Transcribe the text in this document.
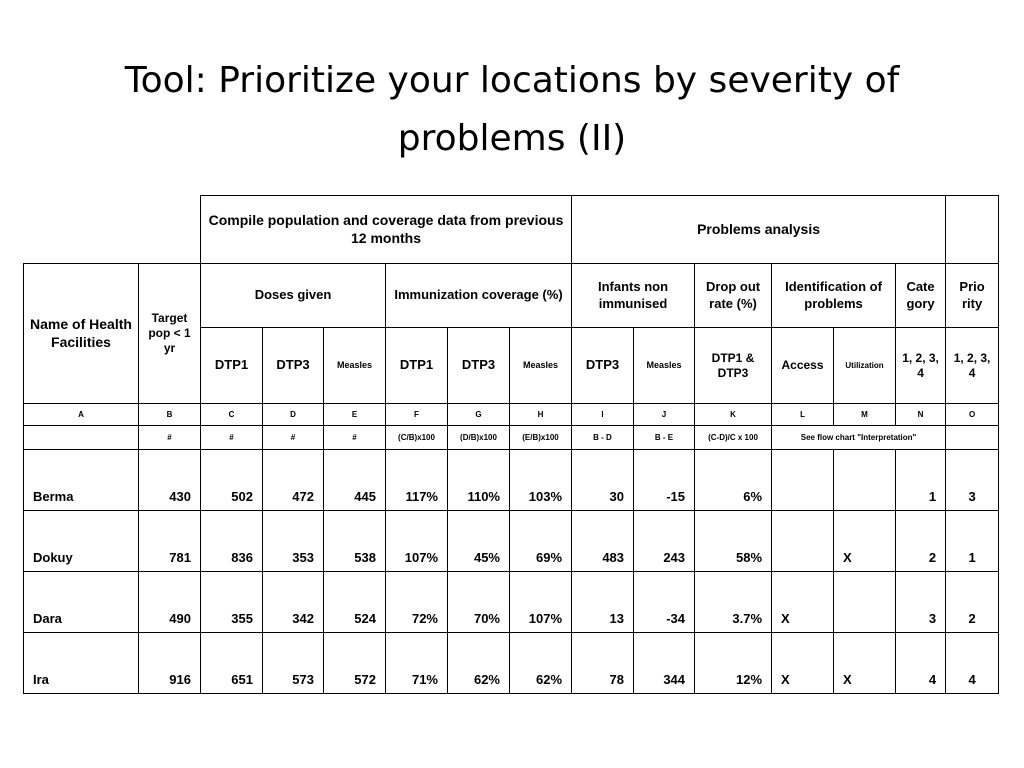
Tool: Prioritize your locations by severity of
problems (II)
		Compile population and coverage data from previous 12 months						Problems analysis						
Name of Health Facilities	Target pop < 1 yr	Doses given			Immunization coverage (%)			Infants non immunised		Drop out rate (%)	Identification of problems		Cate gory	Prio rity
		DTP1	DTP3	Measles	DTP1	DTP3	Measles	DTP3	Measles	DTP1 & DTP3	Access	Utilization	1, 2, 3, 4	1, 2, 3, 4
A	B	C	D	E	F	G	H	I	J	K	L	M	N	O
	#	#	#	#	(C/B)x100	(D/B)x100	(E/B)x100	B - D	B - E	(C-D)/C x 100	See flow chart "Interpretation"			
Berma	430	502	472	445	117%	110%	103%	30	-15	6%			1	3
Dokuy	781	836	353	538	107%	45%	69%	483	243	58%		X	2	1
Dara	490	355	342	524	72%	70%	107%	13	-34	3.7%	X		3	2
Ira	916	651	573	572	71%	62%	62%	78	344	12%	X	X	4	4
